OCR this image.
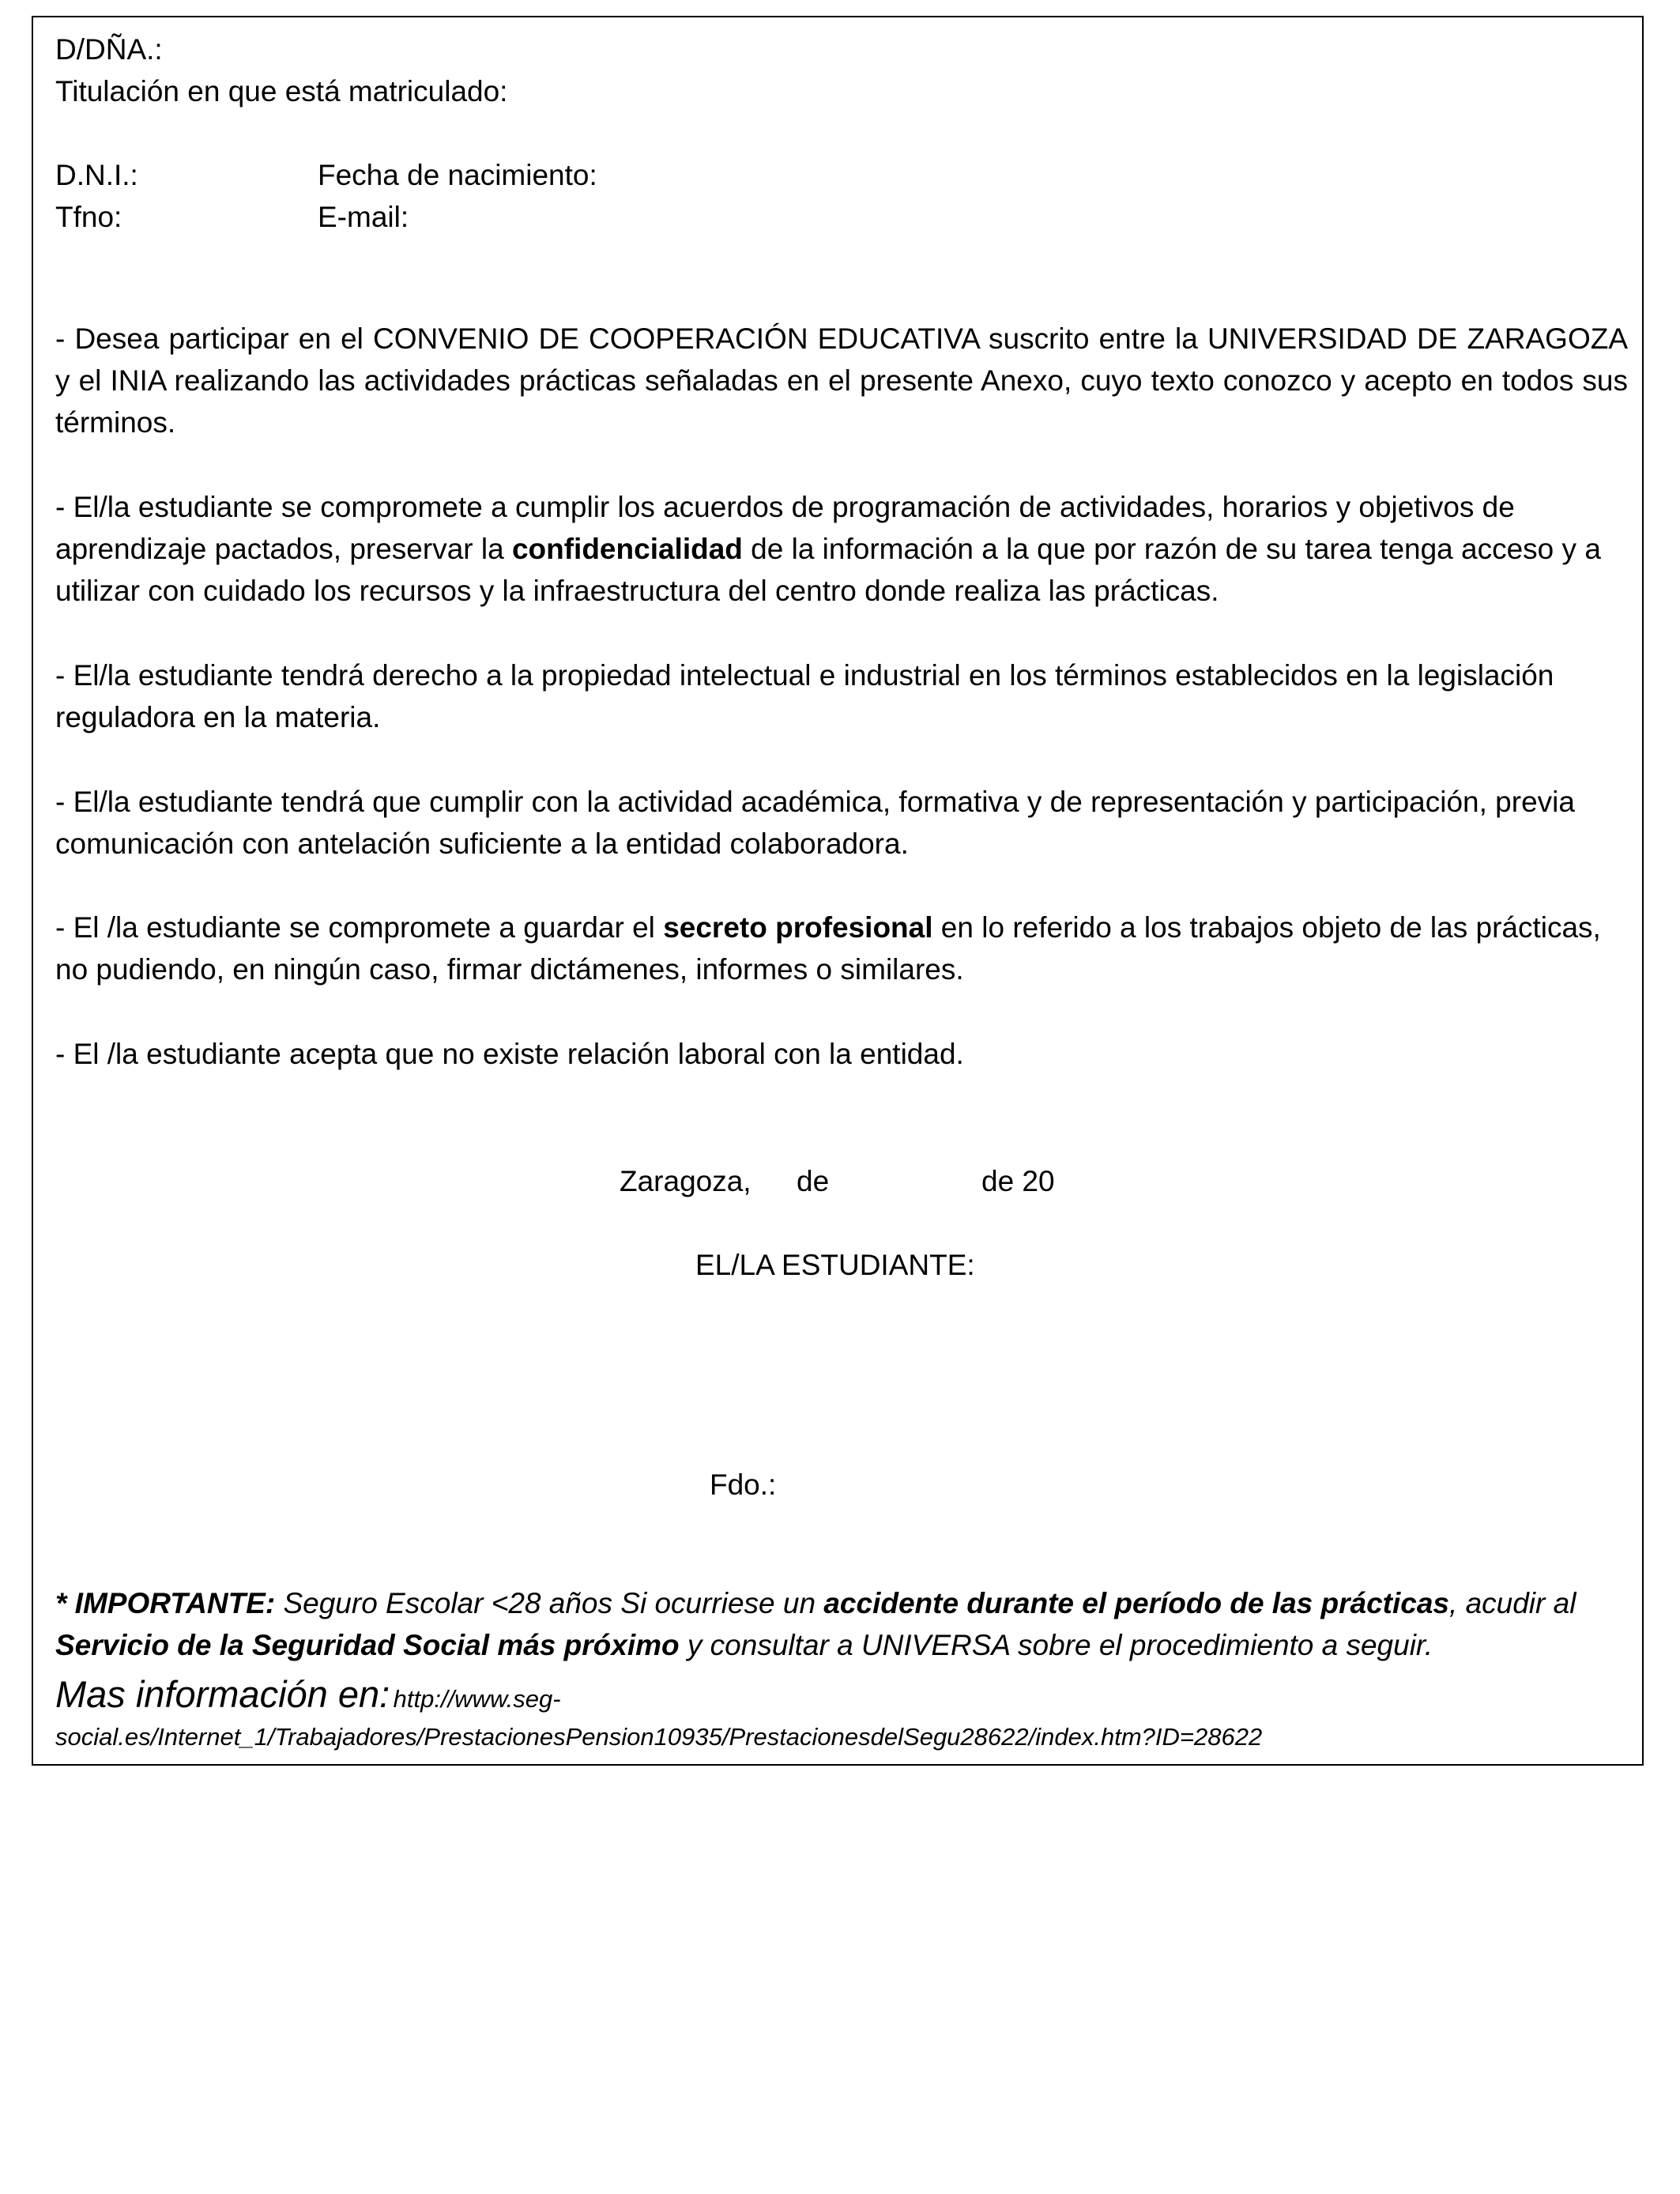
D/DÑA.:
Titulación en que está matriculado:
D.N.I.:	Fecha de nacimiento:
Tfno:	E-mail:
- Desea participar en el CONVENIO DE COOPERACIÓN EDUCATIVA suscrito entre la UNIVERSIDAD DE ZARAGOZA y el INIA realizando las actividades prácticas señaladas en el presente Anexo, cuyo texto conozco y acepto en todos sus términos.
- El/la estudiante se compromete a cumplir los acuerdos de programación de actividades, horarios y objetivos de aprendizaje pactados, preservar la confidencialidad de la información a la que por razón de su tarea tenga acceso y a utilizar con cuidado los recursos y la infraestructura del centro donde realiza las prácticas.
- El/la estudiante tendrá derecho a la propiedad intelectual e industrial en los términos establecidos en la legislación reguladora en la materia.
- El/la estudiante tendrá que cumplir con la actividad académica, formativa y de representación y participación, previa comunicación con antelación suficiente a la entidad colaboradora.
- El /la estudiante se compromete a guardar el secreto profesional en lo referido a los trabajos objeto de las prácticas, no pudiendo, en ningún caso, firmar dictámenes, informes o similares.
- El /la estudiante acepta que no existe relación laboral con la entidad.
Zaragoza, de	de 20
EL/LA ESTUDIANTE:
Fdo.:
* IMPORTANTE: Seguro Escolar <28 años Si ocurriese un accidente durante el período de las prácticas, acudir al Servicio de la Seguridad Social más próximo y consultar a UNIVERSA sobre el procedimiento a seguir.
Mas información en: http://www.seg-
social.es/Internet_1/Trabajadores/PrestacionesPension10935/PrestacionesdelSegu28622/index.htm?ID=28622
